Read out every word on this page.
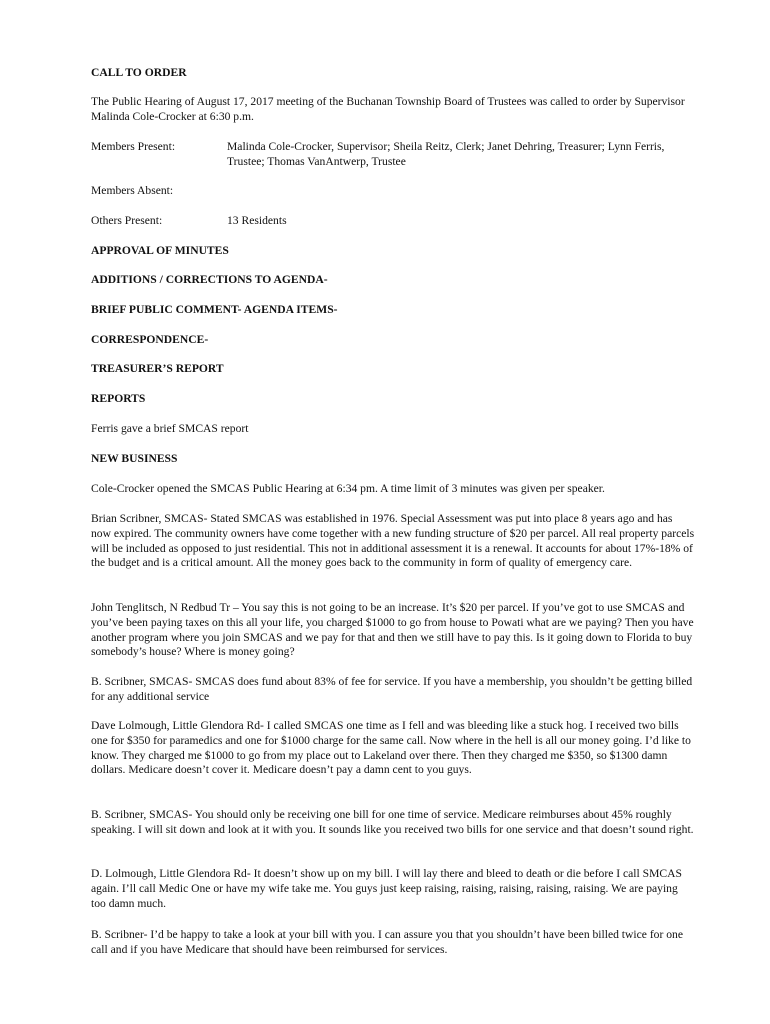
CALL TO ORDER

The Public Hearing of August 17, 2017 meeting of the Buchanan Township Board of Trustees was called to order by Supervisor Malinda Cole-Crocker at 6:30 p.m.

Members Present:	Malinda Cole-Crocker, Supervisor; Sheila Reitz, Clerk; Janet Dehring, Treasurer; Lynn Ferris, Trustee; Thomas VanAntwerp, Trustee
Members Absent:
Others Present:	13 Residents

APPROVAL OF MINUTES

ADDITIONS / CORRECTIONS TO AGENDA-

BRIEF PUBLIC COMMENT- AGENDA ITEMS-

CORRESPONDENCE-

TREASURER’S REPORT

REPORTS

Ferris gave a brief SMCAS report

NEW BUSINESS

Cole-Crocker opened the SMCAS Public Hearing at 6:34 pm. A time limit of 3 minutes was given per speaker.

Brian Scribner, SMCAS- Stated SMCAS was established in 1976. Special Assessment was put into place 8 years ago and has now expired. The community owners have come together with a new funding structure of $20 per parcel. All real property parcels will be included as opposed to just residential. This not in additional assessment it is a renewal. It accounts for about 17%-18% of the budget and is a critical amount. All the money goes back to the community in form of quality of emergency care.

John Tenglitsch, N Redbud Tr – You say this is not going to be an increase. It’s $20 per parcel. If you’ve got to use SMCAS and you’ve been paying taxes on this all your life, you charged $1000 to go from house to Powati what are we paying? Then you have another program where you join SMCAS and we pay for that and then we still have to pay this. Is it going down to Florida to buy somebody’s house? Where is money going?

B. Scribner, SMCAS- SMCAS does fund about 83% of fee for service. If you have a membership, you shouldn’t be getting billed for any additional service

Dave Lolmough, Little Glendora Rd- I called SMCAS one time as I fell and was bleeding like a stuck hog. I received two bills one for $350 for paramedics and one for $1000 charge for the same call. Now where in the hell is all our money going. I’d like to know. They charged me $1000 to go from my place out to Lakeland over there. Then they charged me $350, so $1300 damn dollars. Medicare doesn’t cover it. Medicare doesn’t pay a damn cent to you guys.

B. Scribner, SMCAS- You should only be receiving one bill for one time of service. Medicare reimburses about 45% roughly speaking. I will sit down and look at it with you. It sounds like you received two bills for one service and that doesn’t sound right.

D. Lolmough, Little Glendora Rd- It doesn’t show up on my bill. I will lay there and bleed to death or die before I call SMCAS again. I’ll call Medic One or have my wife take me. You guys just keep raising, raising, raising, raising, raising. We are paying too damn much.

B. Scribner- I’d be happy to take a look at your bill with you. I can assure you that you shouldn’t have been billed twice for one call and if you have Medicare that should have been reimbursed for services.
